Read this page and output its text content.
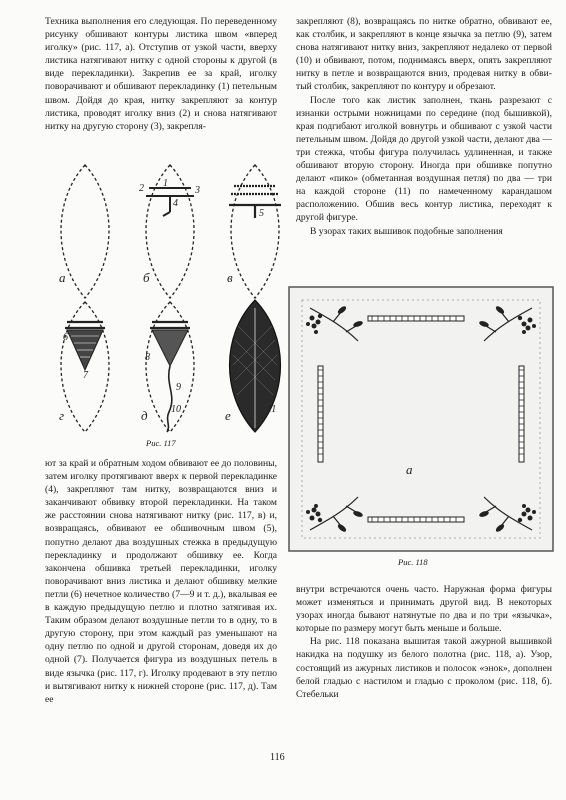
Техника выполнения его следующая. По переведенному рисунку обшивают контуры листика швом «вперед иголку» (рис. 117, а). Отступив от узкой части, вверху листика натягивают нитку с одной стороны к другой (в виде перекладинки). Закрепив ее за край, иголку поворачивают и обшивают перекладинку (1) петельным швом. Дойдя до края, нитку закрепляют за контур листика, проводят иголку вниз (2) и снова натягивают нитку на другую сторону (3), закрепля-

закрепляют (8), возвращаясь по нитке обратно, обвивают ее, как столбик, и закрепляют в конце язычка за петлю (9), затем снова натягивают нитку вниз, закрепляют недалеко от первой (10) и обвивают, потом, поднимаясь вверх, опять закрепляют нитку в петле и возвращаются вниз, продевая нитку в обвитый столбик, закрепляют по контуру и обрезают.

После того как листик заполнен, ткань разрезают с изнанки острыми ножницами по середине (под бышивкой), края подгибают иголкой вовнутрь и обшивают с узкой части петельным швом. Дойдя до другой узкой части, делают два — три стежка, чтобы фигура получилась удлиненная, и также обшивают вторую сторону. Иногда при обшивке попутно делают «пико» (обметанная воздушная петля) по два — три на каждой стороне (11) по намеченному карандашом расположению. Обшив весь контур листика, переходят к другой фигуре.

В узорах таких вышивок подобные заполнения

а	б	в
г	д	е
1
2	3
4
5
6
7
8
9
10	11
Рис. 117
а
Рис. 118

ют за край и обратным ходом обвивают ее до половины, затем иголку протягивают вверх к первой перекладинке (4), закрепляют там нитку, возвращаются вниз и заканчивают обвивку второй перекладинки. На таком же расстоянии снова натягивают нитку (рис. 117, в) и, возвращаясь, обвивают ее обшивочным швом (5), попутно делают два воздушных стежка в предыдущую перекладинку и продолжают обшивку ее. Когда закончена обшивка третьей перекладинки, иголку поворачивают вниз листика и делают обшивку мелкие петли (6) нечетное количество (7—9 и т. д.), вкалывая ее в каждую предыдущую петлю и плотно затягивая их. Таким образом делают воздушные петли то в одну, то в другую сторону, при этом каждый раз уменьшают на одну петлю по одной и другой сторонам, доведя их до одной (7). Получается фигура из воздушных петель в виде язычка (рис. 117, г). Иголку продевают в эту петлю и вытягивают нитку к нижней стороне (рис. 117, д). Там ее

внутри встречаются очень часто. Наружная форма фигуры может изменяться и принимать другой вид. В некоторых узорах иногда бывают натянутые по два и по три «язычка», которые по размеру могут быть меньше и больше.

На рис. 118 показана вышитая такой ажурной вышивкой накидка на подушку из белого полотна (рис. 118, а). Узор, состоящий из ажурных листиков и полосок «энок», дополнен белой гладью с настилом и гладью с проколом (рис. 118, б). Стебельки

116
